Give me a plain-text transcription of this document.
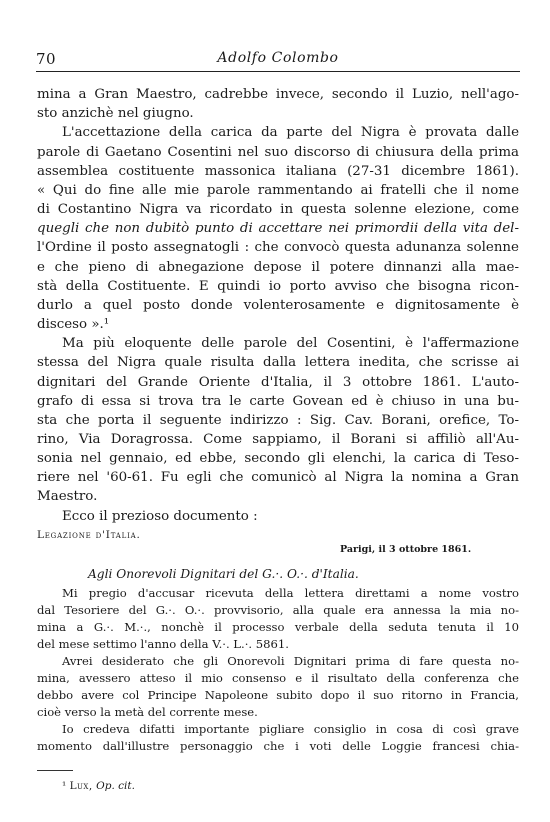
70	Adolfo Colombo
mina a Gran Maestro, cadrebbe invece, secondo il Luzio, nell'ago-
sto anzichè nel giugno.
L'accettazione della carica da parte del Nigra è provata dalle
parole di Gaetano Cosentini nel suo discorso di chiusura della prima
assemblea costituente massonica italiana (27-31 dicembre 1861).
« Qui do fine alle mie parole rammentando ai fratelli che il nome
di Costantino Nigra va ricordato in questa solenne elezione, come
quegli che non dubitò punto di accettare nei primordii della vita del-
l'Ordine il posto assegnatogli : che convocò questa adunanza solenne
e che pieno di abnegazione depose il potere dinnanzi alla mae-
stà della Costituente. E quindi io porto avviso che bisogna ricon-
durlo a quel posto donde volenterosamente e dignitosamente è
disceso ».¹
Ma più eloquente delle parole del Cosentini, è l'affermazione
stessa del Nigra quale risulta dalla lettera inedita, che scrisse ai
dignitari del Grande Oriente d'Italia, il 3 ottobre 1861. L'auto-
grafo di essa si trova tra le carte Govean ed è chiuso in una bu-
sta che porta il seguente indirizzo : Sig. Cav. Borani, orefice, To-
rino, Via Doragrossa. Come sappiamo, il Borani si affiliò all'Au-
sonia nel gennaio, ed ebbe, secondo gli elenchi, la carica di Teso-
riere nel '60-61. Fu egli che comunicò al Nigra la nomina a Gran
Maestro.
Ecco il prezioso documento :
Legazione d'Italia.
Parigi, il 3 ottobre 1861.
Agli Onorevoli Dignitari del G.·. O.·. d'Italia.
Mi pregio d'accusar ricevuta della lettera direttami a nome vostro
dal Tesoriere del G.·. O.·. provvisorio, alla quale era annessa la mia no-
mina a G.·. M.·., nonchè il processo verbale della seduta tenuta il 10
del mese settimo l'anno della V.·. L.·. 5861.
Avrei desiderato che gli Onorevoli Dignitari prima di fare questa no-
mina, avessero atteso il mio consenso e il risultato della conferenza che
debbo avere col Principe Napoleone subito dopo il suo ritorno in Francia,
cioè verso la metà del corrente mese.
Io credeva difatti importante pigliare consiglio in cosa di così grave
momento dall'illustre personaggio che i voti delle Loggie francesi chia-
¹ Lux, Op. cit.
